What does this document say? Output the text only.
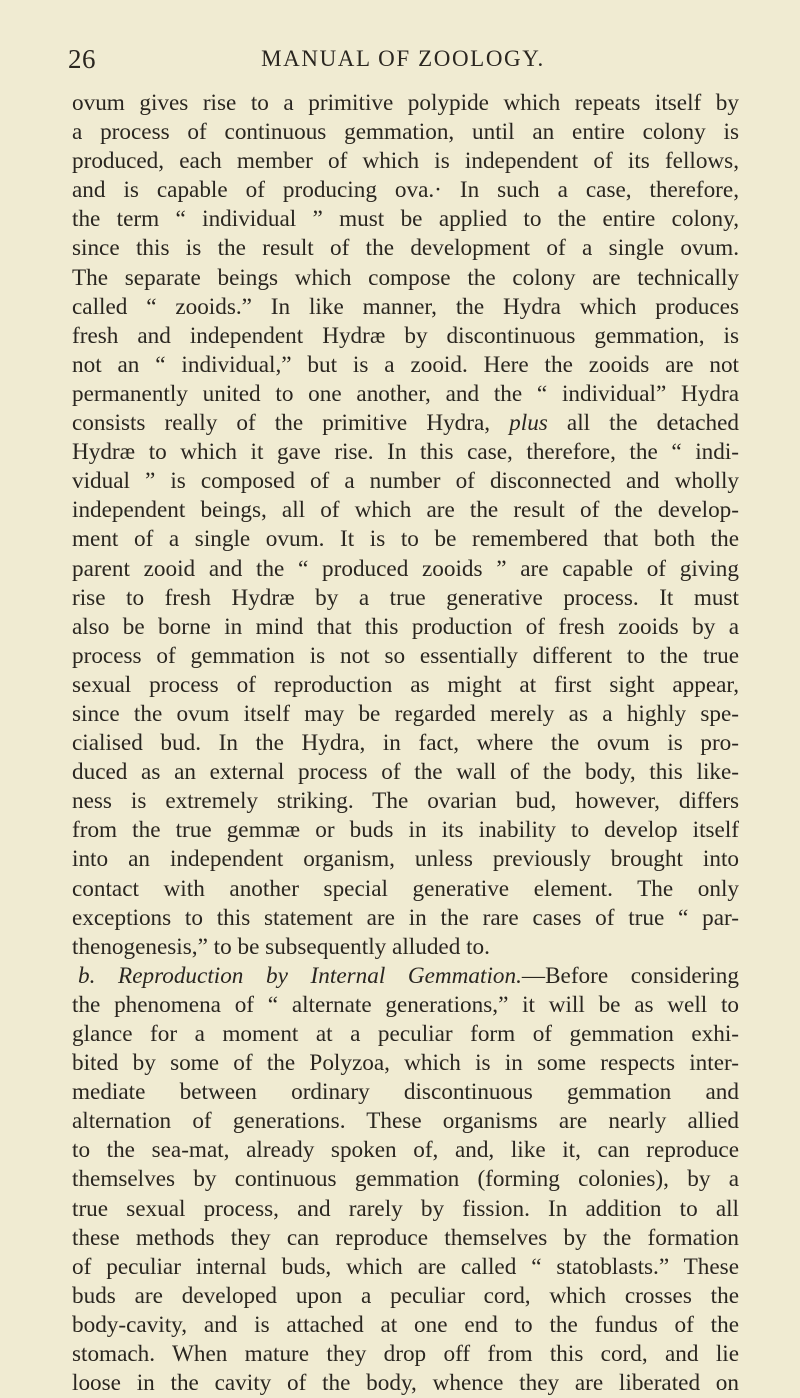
26	MANUAL OF ZOOLOGY.
ovum gives rise to a primitive polypide which repeats itself by
a process of continuous gemmation, until an entire colony is
produced, each member of which is independent of its fellows,
and is capable of producing ova.· In such a case, therefore,
the term “ individual ” must be applied to the entire colony,
since this is the result of the development of a single ovum.
The separate beings which compose the colony are technically
called “ zooids.” In like manner, the Hydra which produces
fresh and independent Hydræ by discontinuous gemmation, is
not an “ individual,” but is a zooid. Here the zooids are not
permanently united to one another, and the “ individual” Hydra
consists really of the primitive Hydra, plus all the detached
Hydræ to which it gave rise. In this case, therefore, the “ indi-
vidual ” is composed of a number of disconnected and wholly
independent beings, all of which are the result of the develop-
ment of a single ovum. It is to be remembered that both the
parent zooid and the “ produced zooids ” are capable of giving
rise to fresh Hydræ by a true generative process. It must
also be borne in mind that this production of fresh zooids by a
process of gemmation is not so essentially different to the true
sexual process of reproduction as might at first sight appear,
since the ovum itself may be regarded merely as a highly spe-
cialised bud. In the Hydra, in fact, where the ovum is pro-
duced as an external process of the wall of the body, this like-
ness is extremely striking. The ovarian bud, however, differs
from the true gemmæ or buds in its inability to develop itself
into an independent organism, unless previously brought into
contact with another special generative element. The only
exceptions to this statement are in the rare cases of true “ par-
thenogenesis,” to be subsequently alluded to.
b. Reproduction by Internal Gemmation.—Before considering
the phenomena of “ alternate generations,” it will be as well to
glance for a moment at a peculiar form of gemmation exhi-
bited by some of the Polyzoa, which is in some respects inter-
mediate between ordinary discontinuous gemmation and
alternation of generations. These organisms are nearly allied
to the sea-mat, already spoken of, and, like it, can reproduce
themselves by continuous gemmation (forming colonies), by a
true sexual process, and rarely by fission. In addition to all
these methods they can reproduce themselves by the formation
of peculiar internal buds, which are called “ statoblasts.” These
buds are developed upon a peculiar cord, which crosses the
body-cavity, and is attached at one end to the fundus of the
stomach. When mature they drop off from this cord, and lie
loose in the cavity of the body, whence they are liberated on
